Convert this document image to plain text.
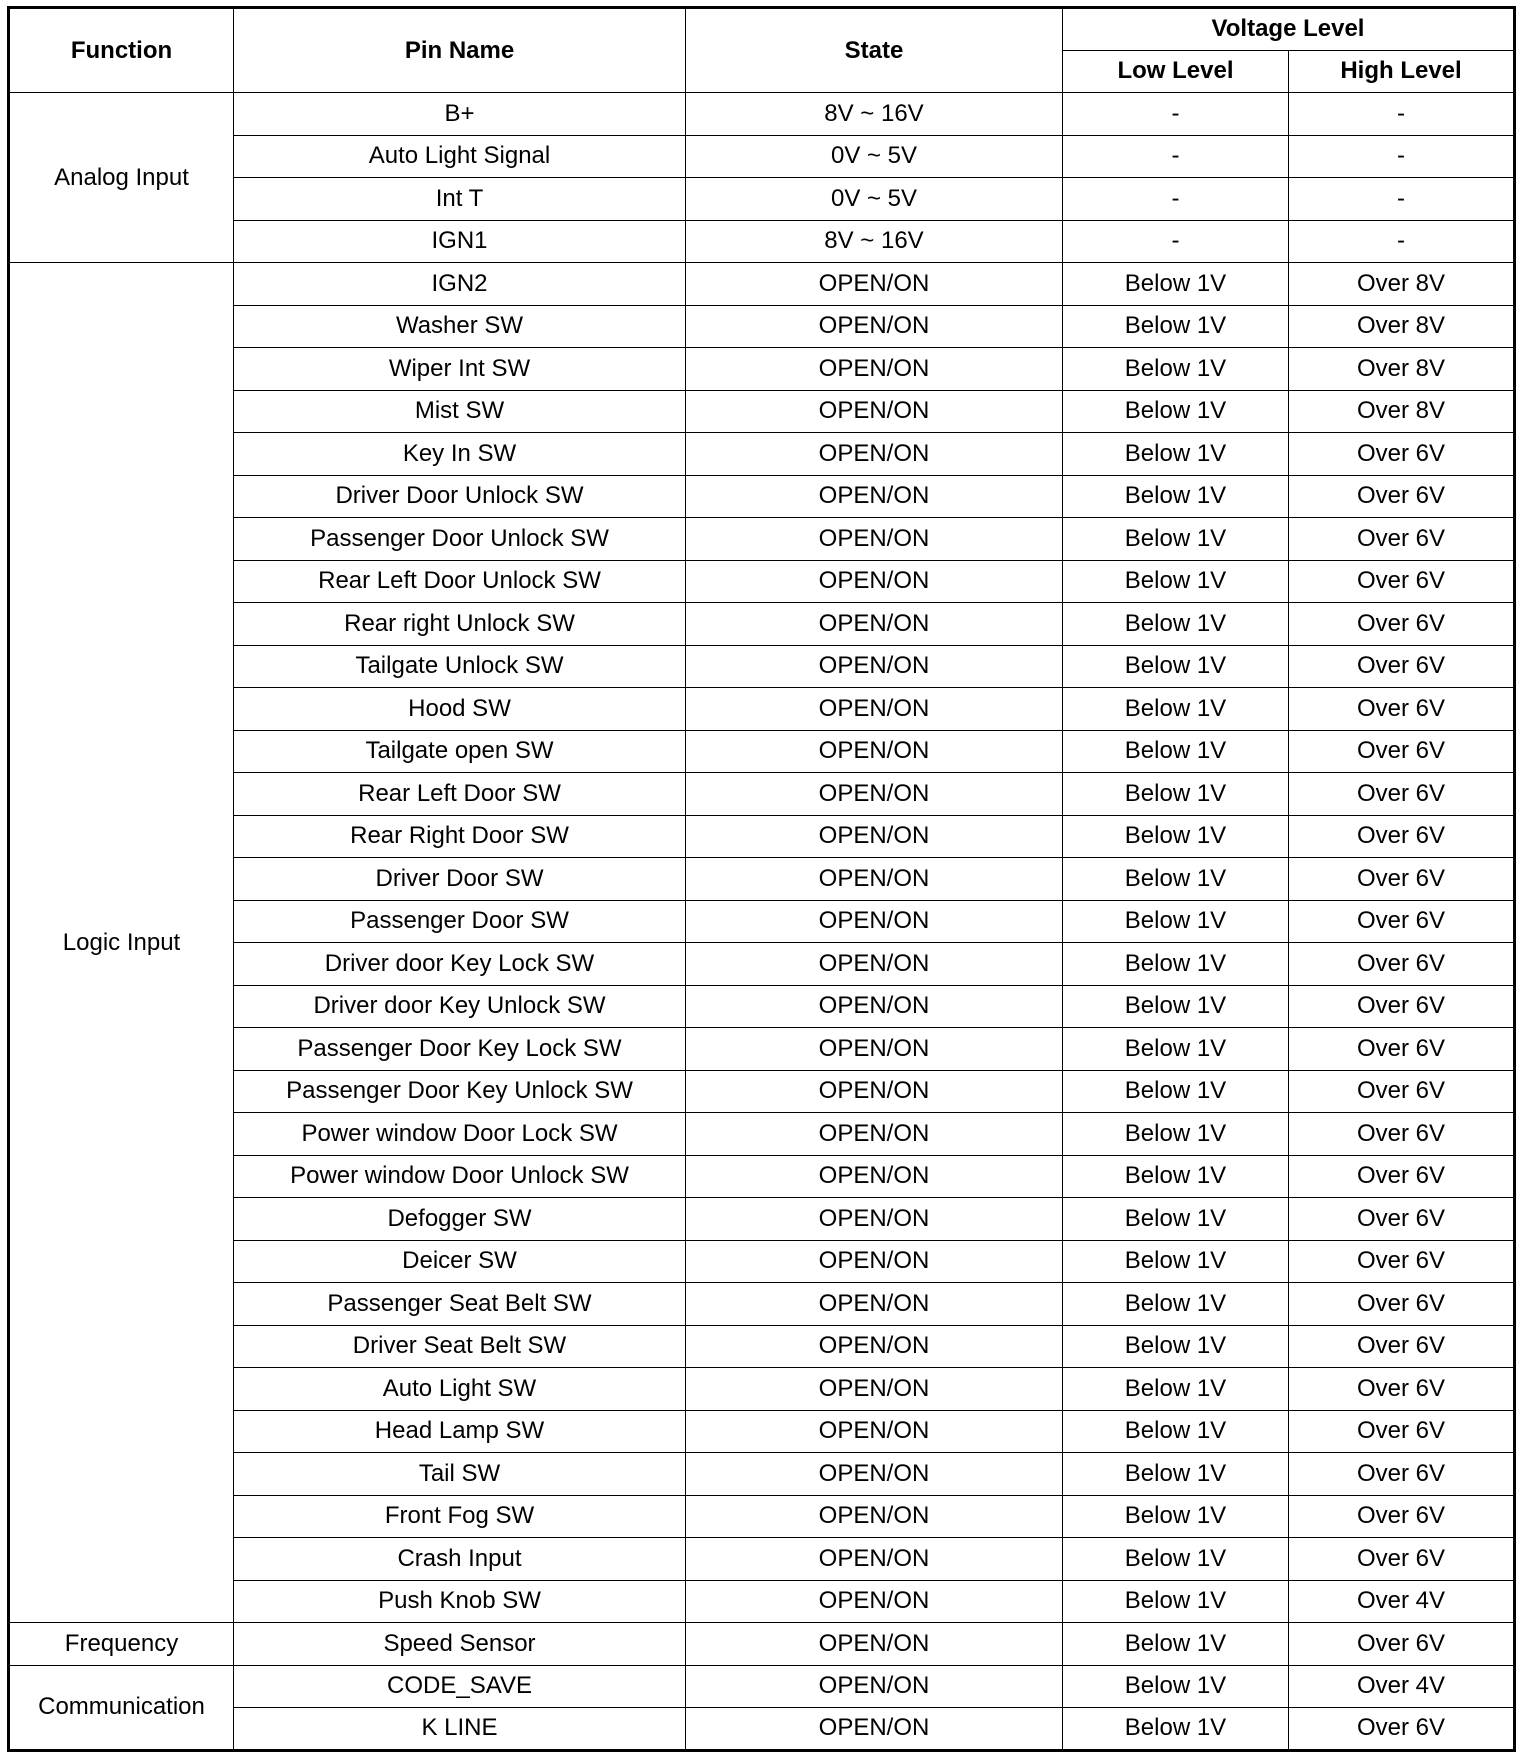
Function	Pin Name	State	Voltage Level	
			Low Level	High Level
Analog Input	B+	8V ~ 16V	-	-
	Auto Light Signal	0V ~ 5V	-	-
	Int T	0V ~ 5V	-	-
	IGN1	8V ~ 16V	-	-
Logic Input	IGN2	OPEN/ON	Below 1V	Over 8V
	Washer SW	OPEN/ON	Below 1V	Over 8V
	Wiper Int SW	OPEN/ON	Below 1V	Over 8V
	Mist SW	OPEN/ON	Below 1V	Over 8V
	Key In SW	OPEN/ON	Below 1V	Over 6V
	Driver Door Unlock SW	OPEN/ON	Below 1V	Over 6V
	Passenger Door Unlock SW	OPEN/ON	Below 1V	Over 6V
	Rear Left Door Unlock SW	OPEN/ON	Below 1V	Over 6V
	Rear right Unlock SW	OPEN/ON	Below 1V	Over 6V
	Tailgate Unlock SW	OPEN/ON	Below 1V	Over 6V
	Hood SW	OPEN/ON	Below 1V	Over 6V
	Tailgate open SW	OPEN/ON	Below 1V	Over 6V
	Rear Left Door SW	OPEN/ON	Below 1V	Over 6V
	Rear Right Door SW	OPEN/ON	Below 1V	Over 6V
	Driver Door SW	OPEN/ON	Below 1V	Over 6V
	Passenger Door SW	OPEN/ON	Below 1V	Over 6V
	Driver door Key Lock SW	OPEN/ON	Below 1V	Over 6V
	Driver door Key Unlock SW	OPEN/ON	Below 1V	Over 6V
	Passenger Door Key Lock SW	OPEN/ON	Below 1V	Over 6V
	Passenger Door Key Unlock SW	OPEN/ON	Below 1V	Over 6V
	Power window Door Lock SW	OPEN/ON	Below 1V	Over 6V
	Power window Door Unlock SW	OPEN/ON	Below 1V	Over 6V
	Defogger SW	OPEN/ON	Below 1V	Over 6V
	Deicer SW	OPEN/ON	Below 1V	Over 6V
	Passenger Seat Belt SW	OPEN/ON	Below 1V	Over 6V
	Driver Seat Belt SW	OPEN/ON	Below 1V	Over 6V
	Auto Light SW	OPEN/ON	Below 1V	Over 6V
	Head Lamp SW	OPEN/ON	Below 1V	Over 6V
	Tail SW	OPEN/ON	Below 1V	Over 6V
	Front Fog SW	OPEN/ON	Below 1V	Over 6V
	Crash Input	OPEN/ON	Below 1V	Over 6V
	Push Knob SW	OPEN/ON	Below 1V	Over 4V
Frequency	Speed Sensor	OPEN/ON	Below 1V	Over 6V
Communication	CODE_SAVE	OPEN/ON	Below 1V	Over 4V
	K LINE	OPEN/ON	Below 1V	Over 6V
